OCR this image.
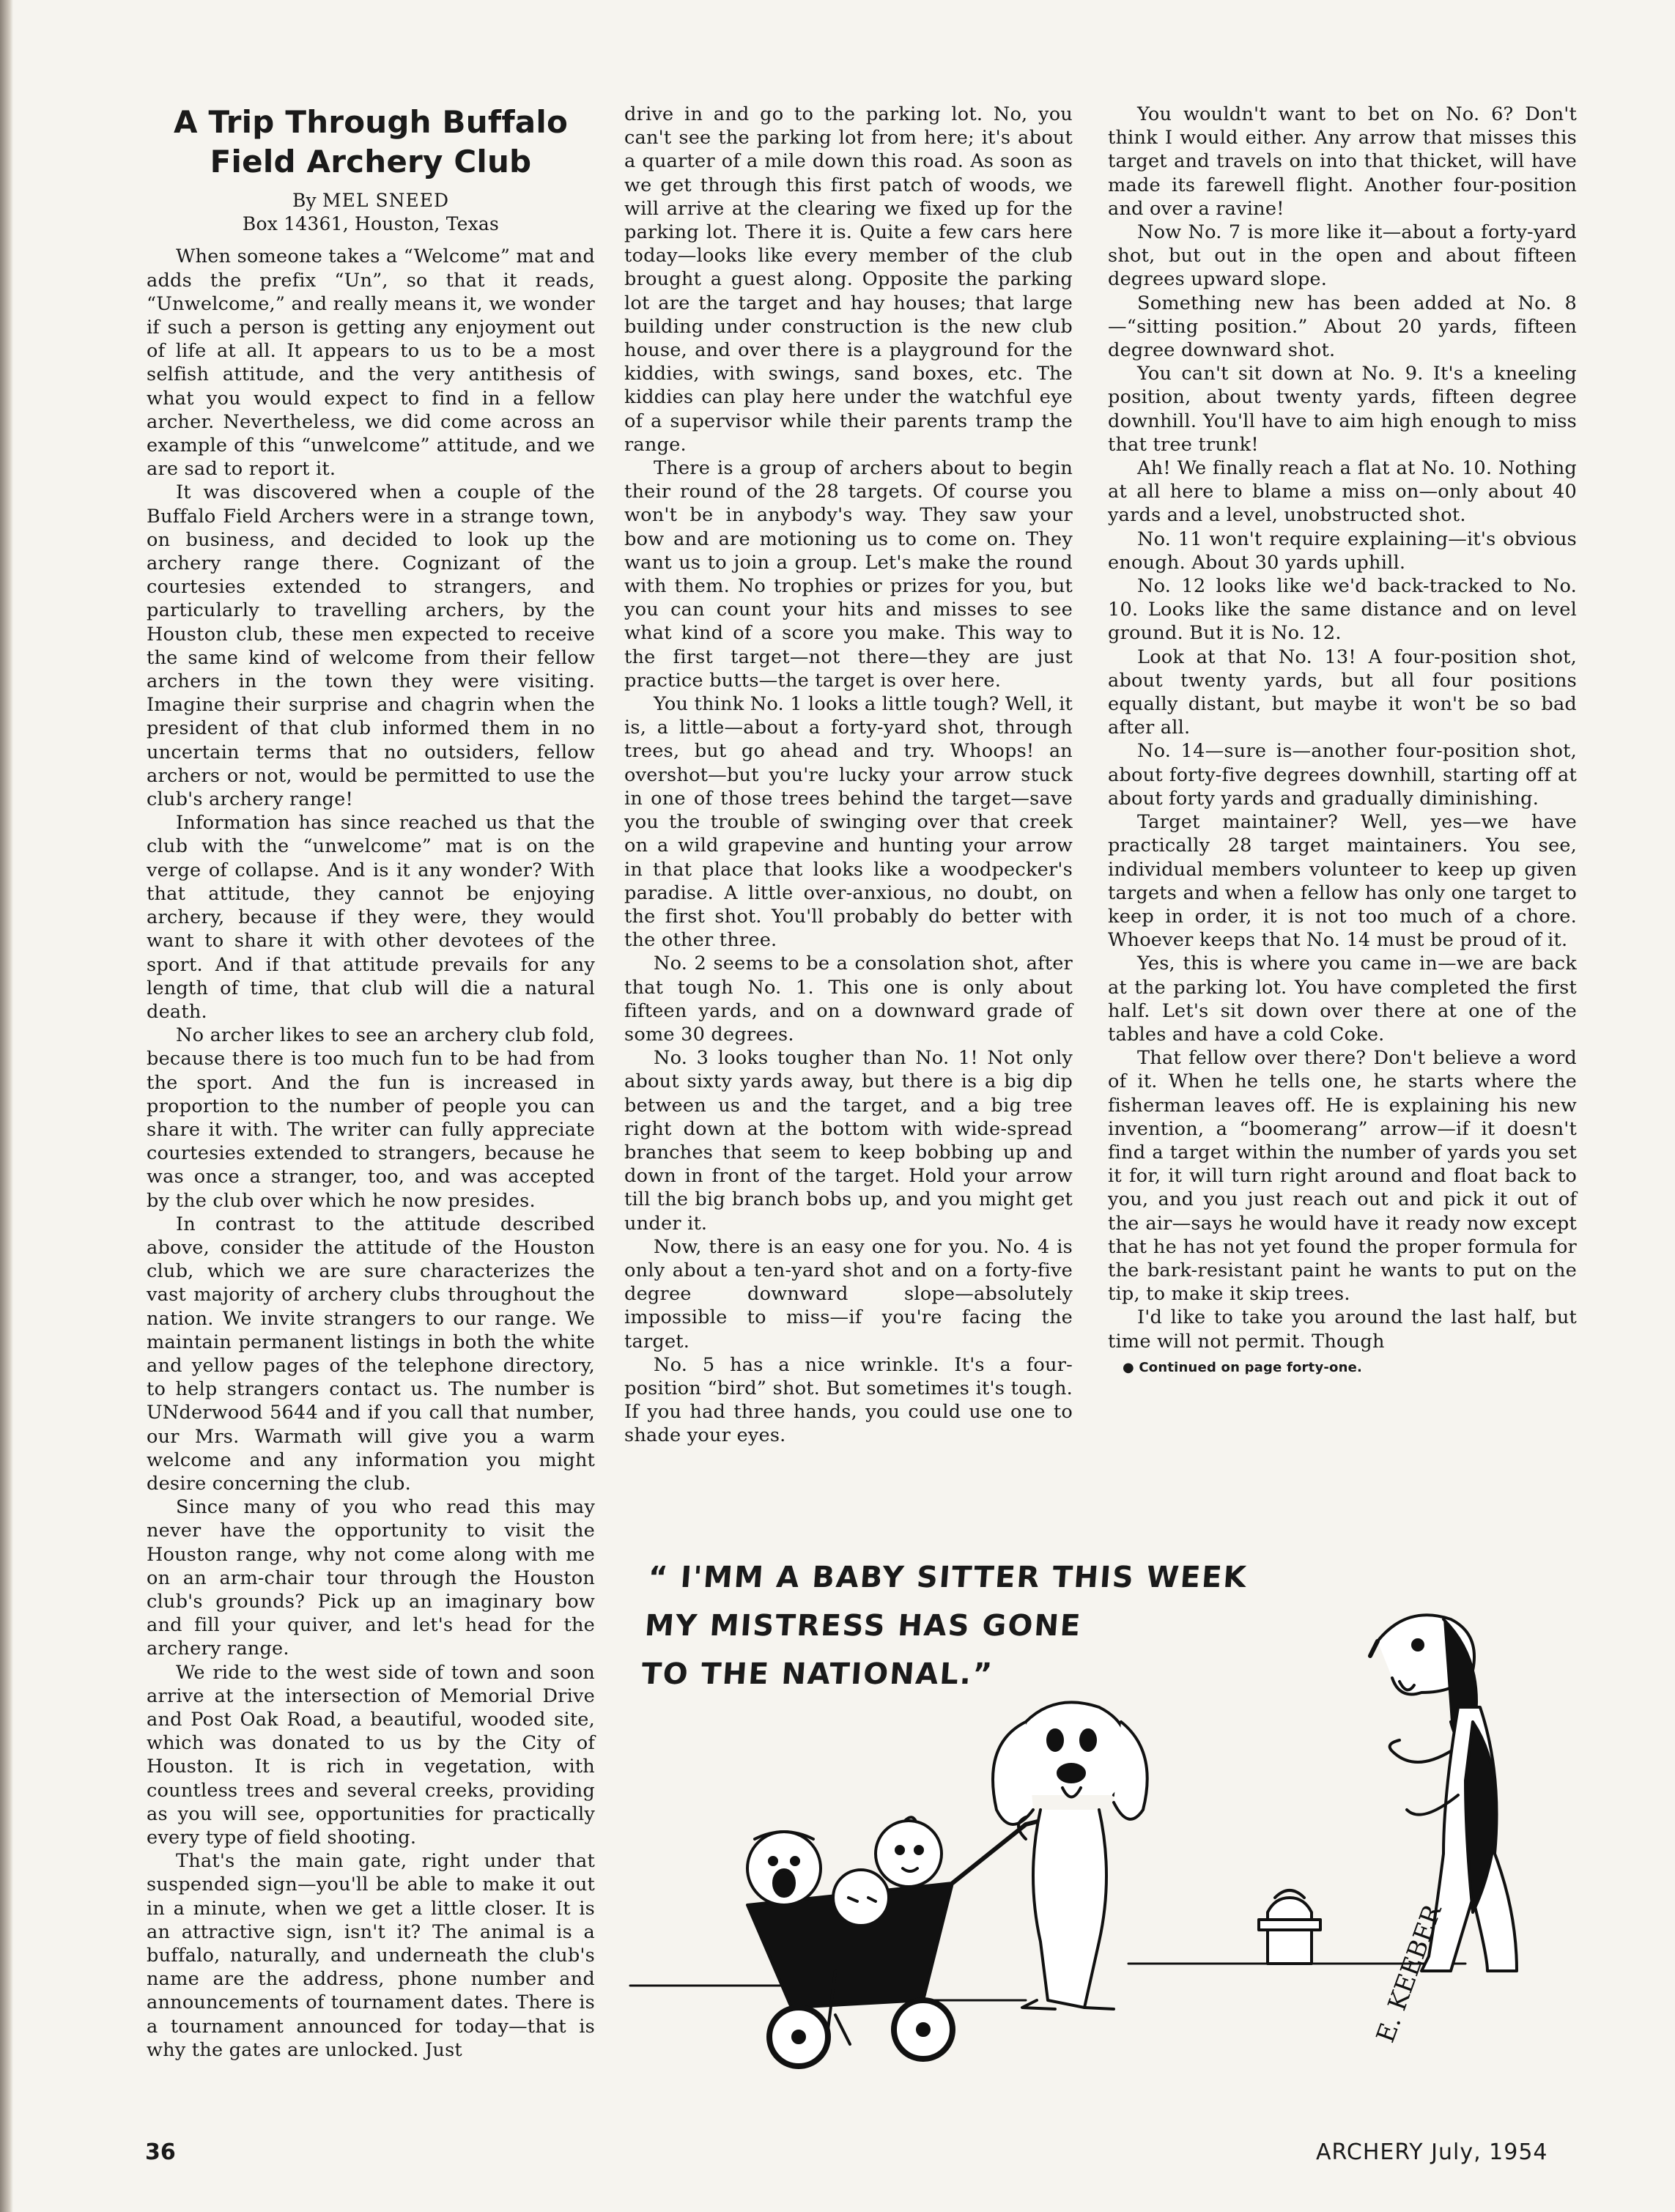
A Trip Through Buffalo Field Archery Club

By MEL SNEED

Box 14361, Houston, Texas

When someone takes a “Welcome” mat and adds the prefix “Un”, so that it reads, “Unwelcome,” and really means it, we wonder if such a person is getting any enjoyment out of life at all. It appears to us to be a most selfish attitude, and the very antithesis of what you would expect to find in a fellow archer. Nevertheless, we did come across an example of this “unwelcome” attitude, and we are sad to report it.

It was discovered when a couple of the Buffalo Field Archers were in a strange town, on business, and decided to look up the archery range there. Cognizant of the courtesies extended to strangers, and particularly to travelling archers, by the Houston club, these men expected to receive the same kind of welcome from their fellow archers in the town they were visiting. Imagine their surprise and chagrin when the president of that club informed them in no uncertain terms that no outsiders, fellow archers or not, would be permitted to use the club's archery range!

Information has since reached us that the club with the “unwelcome” mat is on the verge of collapse. And is it any wonder? With that attitude, they cannot be enjoying archery, because if they were, they would want to share it with other devotees of the sport. And if that attitude prevails for any length of time, that club will die a natural death.

No archer likes to see an archery club fold, because there is too much fun to be had from the sport. And the fun is increased in proportion to the number of people you can share it with. The writer can fully appreciate courtesies extended to strangers, because he was once a stranger, too, and was accepted by the club over which he now presides.

In contrast to the attitude described above, consider the attitude of the Houston club, which we are sure characterizes the vast majority of archery clubs throughout the nation. We invite strangers to our range. We maintain permanent listings in both the white and yellow pages of the telephone directory, to help strangers contact us. The number is UNderwood 5644 and if you call that number, our Mrs. Warmath will give you a warm welcome and any information you might desire concerning the club.

Since many of you who read this may never have the opportunity to visit the Houston range, why not come along with me on an arm-chair tour through the Houston club's grounds? Pick up an imaginary bow and fill your quiver, and let's head for the archery range.

We ride to the west side of town and soon arrive at the intersection of Memorial Drive and Post Oak Road, a beautiful, wooded site, which was donated to us by the City of Houston. It is rich in vegetation, with countless trees and several creeks, providing as you will see, opportunities for practically every type of field shooting.

That's the main gate, right under that suspended sign—you'll be able to make it out in a minute, when we get a little closer. It is an attractive sign, isn't it? The animal is a buffalo, naturally, and underneath the club's name are the address, phone number and announcements of tournament dates. There is a tournament announced for today—that is why the gates are unlocked. Just

drive in and go to the parking lot. No, you can't see the parking lot from here; it's about a quarter of a mile down this road. As soon as we get through this first patch of woods, we will arrive at the clearing we fixed up for the parking lot. There it is. Quite a few cars here today—looks like every member of the club brought a guest along. Opposite the parking lot are the target and hay houses; that large building under construction is the new club house, and over there is a playground for the kiddies, with swings, sand boxes, etc. The kiddies can play here under the watchful eye of a supervisor while their parents tramp the range.

There is a group of archers about to begin their round of the 28 targets. Of course you won't be in anybody's way. They saw your bow and are motioning us to come on. They want us to join a group. Let's make the round with them. No trophies or prizes for you, but you can count your hits and misses to see what kind of a score you make. This way to the first target—not there—they are just practice butts—the target is over here.

You think No. 1 looks a little tough? Well, it is, a little—about a forty-yard shot, through trees, but go ahead and try. Whoops! an overshot—but you're lucky your arrow stuck in one of those trees behind the target—save you the trouble of swinging over that creek on a wild grapevine and hunting your arrow in that place that looks like a woodpecker's paradise. A little over-anxious, no doubt, on the first shot. You'll probably do better with the other three.

No. 2 seems to be a consolation shot, after that tough No. 1. This one is only about fifteen yards, and on a downward grade of some 30 degrees.

No. 3 looks tougher than No. 1! Not only about sixty yards away, but there is a big dip between us and the target, and a big tree right down at the bottom with wide-spread branches that seem to keep bobbing up and down in front of the target. Hold your arrow till the big branch bobs up, and you might get under it.

Now, there is an easy one for you. No. 4 is only about a ten-yard shot and on a forty-five degree downward slope—absolutely impossible to miss—if you're facing the target.

No. 5 has a nice wrinkle. It's a four-position “bird” shot. But sometimes it's tough. If you had three hands, you could use one to shade your eyes.

You wouldn't want to bet on No. 6? Don't think I would either. Any arrow that misses this target and travels on into that thicket, will have made its farewell flight. Another four-position and over a ravine!

Now No. 7 is more like it—about a forty-yard shot, but out in the open and about fifteen degrees upward slope.

Something new has been added at No. 8—“sitting position.” About 20 yards, fifteen degree downward shot.

You can't sit down at No. 9. It's a kneeling position, about twenty yards, fifteen degree downhill. You'll have to aim high enough to miss that tree trunk!

Ah! We finally reach a flat at No. 10. Nothing at all here to blame a miss on—only about 40 yards and a level, unobstructed shot.

No. 11 won't require explaining—it's obvious enough. About 30 yards uphill.

No. 12 looks like we'd back-tracked to No. 10. Looks like the same distance and on level ground. But it is No. 12.

Look at that No. 13! A four-position shot, about twenty yards, but all four positions equally distant, but maybe it won't be so bad after all.

No. 14—sure is—another four-position shot, about forty-five degrees downhill, starting off at about forty yards and gradually diminishing.

Target maintainer? Well, yes—we have practically 28 target maintainers. You see, individual members volunteer to keep up given targets and when a fellow has only one target to keep in order, it is not too much of a chore. Whoever keeps that No. 14 must be proud of it.

Yes, this is where you came in—we are back at the parking lot. You have completed the first half. Let's sit down over there at one of the tables and have a cold Coke.

That fellow over there? Don't believe a word of it. When he tells one, he starts where the fisherman leaves off. He is explaining his new invention, a “boomerang” arrow—if it doesn't find a target within the number of yards you set it for, it will turn right around and float back to you, and you just reach out and pick it out of the air—says he would have it ready now except that he has not yet found the proper formula for the bark-resistant paint he wants to put on the tip, to make it skip trees.

I'd like to take you around the last half, but time will not permit. Though

● Continued on page forty-one.

“ I'MM A BABY SITTER THIS WEEK
MY MISTRESS HAS GONE
TO THE NATIONAL.”
E. KEEBER
36	ARCHERY July, 1954
